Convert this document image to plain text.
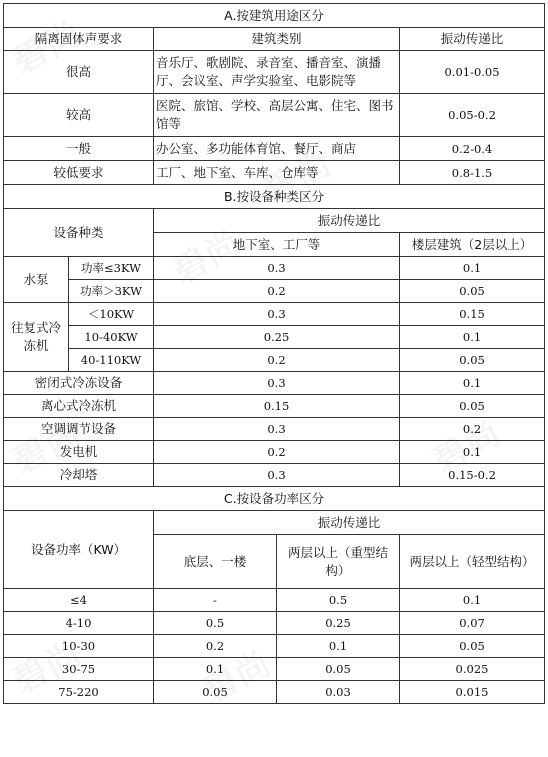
A.按建筑用途区分				
隔离固体声要求		建筑类别		振动传递比
很高		音乐厅、歌剧院、录音室、播音室、演播厅、会议室、声学实验室、电影院等		0.01-0.05
较高		医院、旅馆、学校、高层公寓、住宅、图书馆等		0.05-0.2
一般		办公室、多功能体育馆、餐厅、商店		0.2-0.4
较低要求		工厂、地下室、车库、仓库等		0.8-1.5
B.按设备种类区分				
设备种类		振动传递比		
		地下室、工厂等		楼层建筑（2层以上）
水泵	功率≤3KW	0.3		0.1
	功率＞3KW	0.2		0.05
往复式冷冻机	＜10KW	0.3		0.15
	10-40KW	0.25		0.1
	40-110KW	0.2		0.05
密闭式冷冻设备		0.3		0.1
离心式冷冻机		0.15		0.05
空调调节设备		0.3		0.2
发电机		0.2		0.1
冷却塔		0.3		0.15-0.2
C.按设备功率区分				
设备功率（KW）		振动传递比		
		底层、一楼	两层以上（重型结构）	两层以上（轻型结构）
≤4		-	0.5	0.1
4-10		0.5	0.25	0.07
10-30		0.2	0.1	0.05
30-75		0.1	0.05	0.025
75-220		0.05	0.03	0.015
